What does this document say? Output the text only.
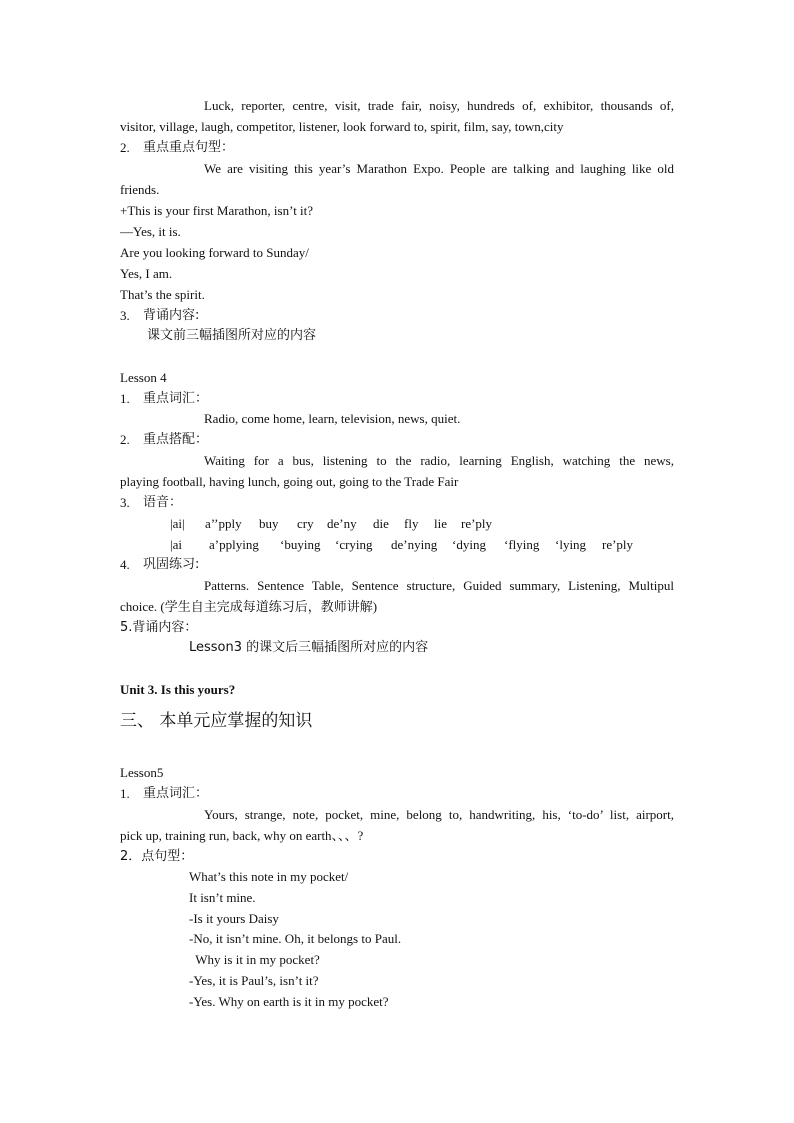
Luck, reporter, centre, visit, trade fair, noisy, hundreds of, exhibitor, thousands of,
visitor, village, laugh, competitor, listener, look forward to, spirit, film, say, town,city
2. 重点重点句型：
We are visiting this year’s Marathon Expo. People are talking and laughing like old
friends.
+This is your first Marathon, isn’t it?
—Yes, it is.
Are you looking forward to Sunday/
Yes, I am.
That’s the spirit.
3. 背诵内容:
课文前三幅插图所对应的内容
Lesson 4
1. 重点词汇：
Radio, come home, learn, television, news, quiet.
2. 重点搭配：
Waiting for a bus, listening to the radio, learning English, watching the news,
playing football, having lunch, going out, going to the Trade Fair
3. 语音：
|ai| a’’pply buy cry de’ny die fly lie re’ply
|ai a’pplying ‘buying ‘crying de’nying ‘dying ‘flying ‘lying re’ply
4. 巩固练习:
Patterns. Sentence Table, Sentence structure, Guided summary, Listening, Multipul
choice. (学生自主完成每道练习后，教师讲解)
5.背诵内容：
Lesson3 的课文后三幅插图所对应的内容
Unit 3. Is this yours?
三、 本单元应掌握的知识
Lesson5
1. 重点词汇：
Yours, strange, note, pocket, mine, belong to, handwriting, his, ‘to-do’ list, airport,
pick up, training run, back, why on earth、、、?
2．点句型：
What’s this note in my pocket/
It isn’t mine.
-Is it yours Daisy
-No, it isn’t mine. Oh, it belongs to Paul.
Why is it in my pocket?
-Yes, it is Paul’s, isn’t it?
-Yes. Why on earth is it in my pocket?
